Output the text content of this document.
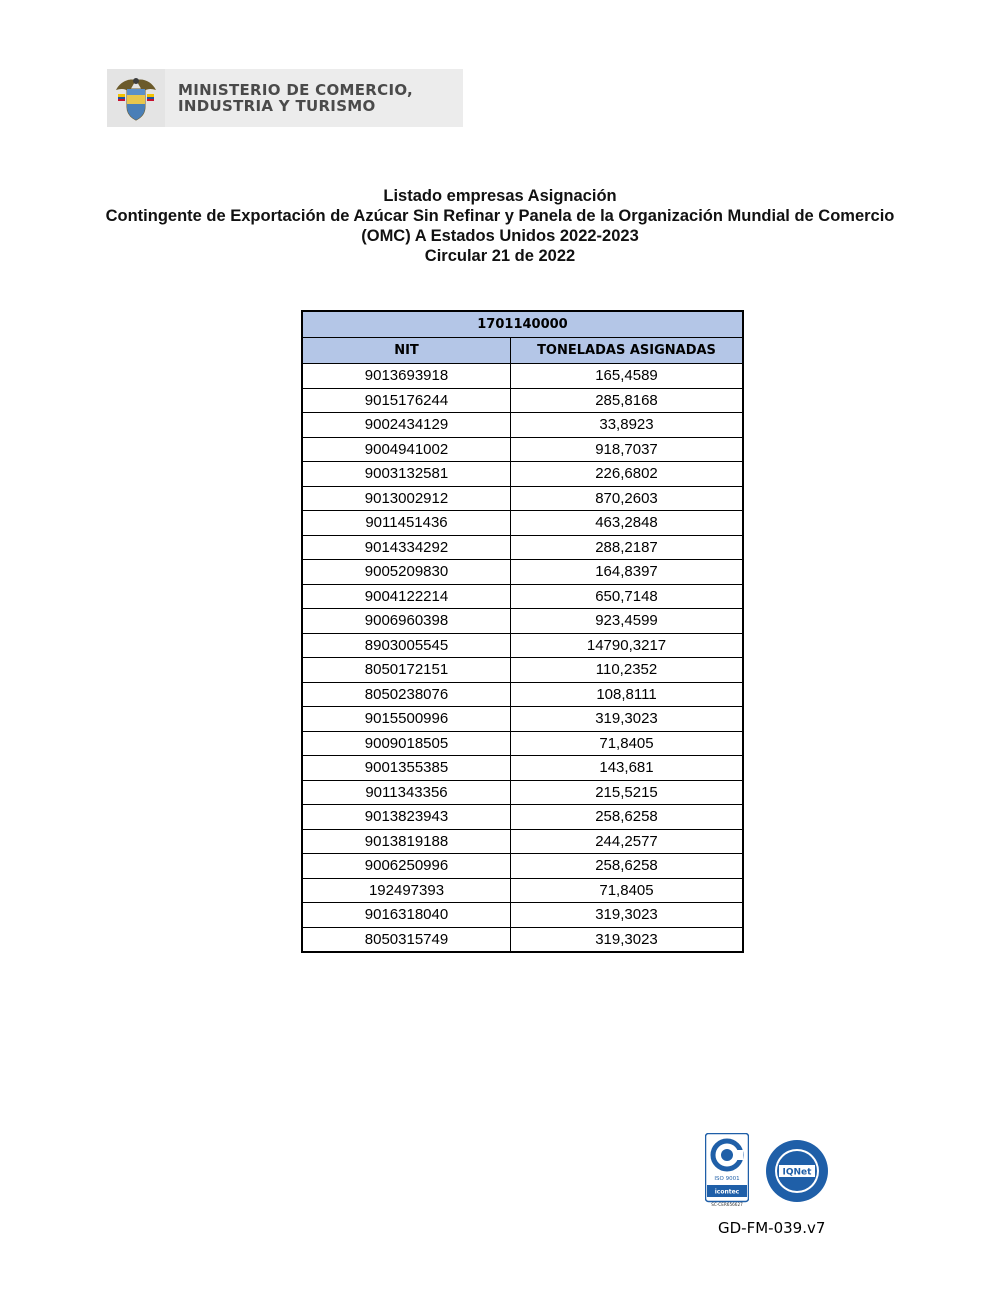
MINISTERIO DE COMERCIO,
INDUSTRIA Y TURISMO
Listado empresas Asignación
Contingente de Exportación de Azúcar Sin Refinar y Panela de la Organización Mundial de Comercio
(OMC) A Estados Unidos 2022-2023
Circular 21 de 2022
1701140000	
NIT	TONELADAS ASIGNADAS
9013693918	165,4589
9015176244	285,8168
9002434129	33,8923
9004941002	918,7037
9003132581	226,6802
9013002912	870,2603
9011451436	463,2848
9014334292	288,2187
9005209830	164,8397
9004122214	650,7148
9006960398	923,4599
8903005545	14790,3217
8050172151	110,2352
8050238076	108,8111
9015500996	319,3023
9009018505	71,8405
9001355385	143,681
9011343356	215,5215
9013823943	258,6258
9013819188	244,2577
9006250996	258,6258
192497393	71,8405
9016318040	319,3023
8050315749	319,3023
ISO 9001
icontec
SC-CER656627
IQNet
GD-FM-039.v7
